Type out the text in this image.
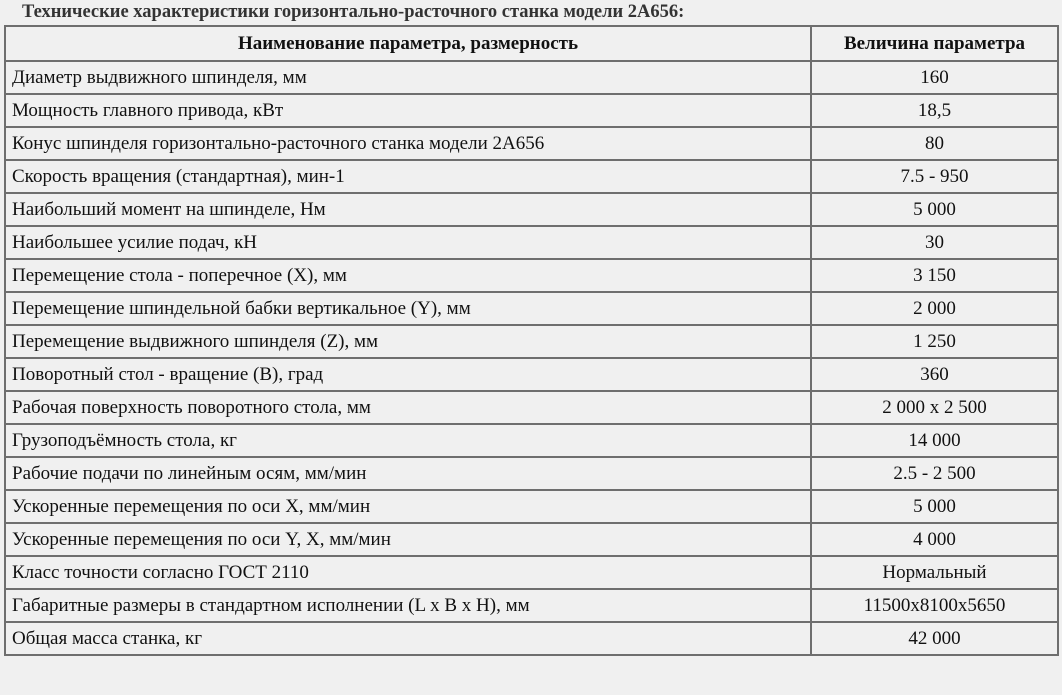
Технические характеристики горизонтально-расточного станка модели 2А656:
Наименование параметра, размерность	Величина параметра
Диаметр выдвижного шпинделя, мм	160
Мощность главного привода, кВт	18,5
Конус шпинделя горизонтально-расточного станка модели 2А656	80
Скорость вращения (стандартная), мин-1	7.5 - 950
Наибольший момент на шпинделе, Нм	5 000
Наибольшее усилие подач, кН	30
Перемещение стола - поперечное (X), мм	3 150
Перемещение шпиндельной бабки вертикальное (Y), мм	2 000
Перемещение выдвижного шпинделя (Z), мм	1 250
Поворотный стол - вращение (B), град	360
Рабочая поверхность поворотного стола, мм	2 000 x 2 500
Грузоподъёмность стола, кг	14 000
Рабочие подачи по линейным осям, мм/мин	2.5 - 2 500
Ускоренные перемещения по оси X, мм/мин	5 000
Ускоренные перемещения по оси Y, X, мм/мин	4 000
Класс точности согласно ГОСТ 2110	Нормальный
Габаритные размеры в стандартном исполнении (L x B x H), мм	11500x8100x5650
Общая масса станка, кг	42 000
